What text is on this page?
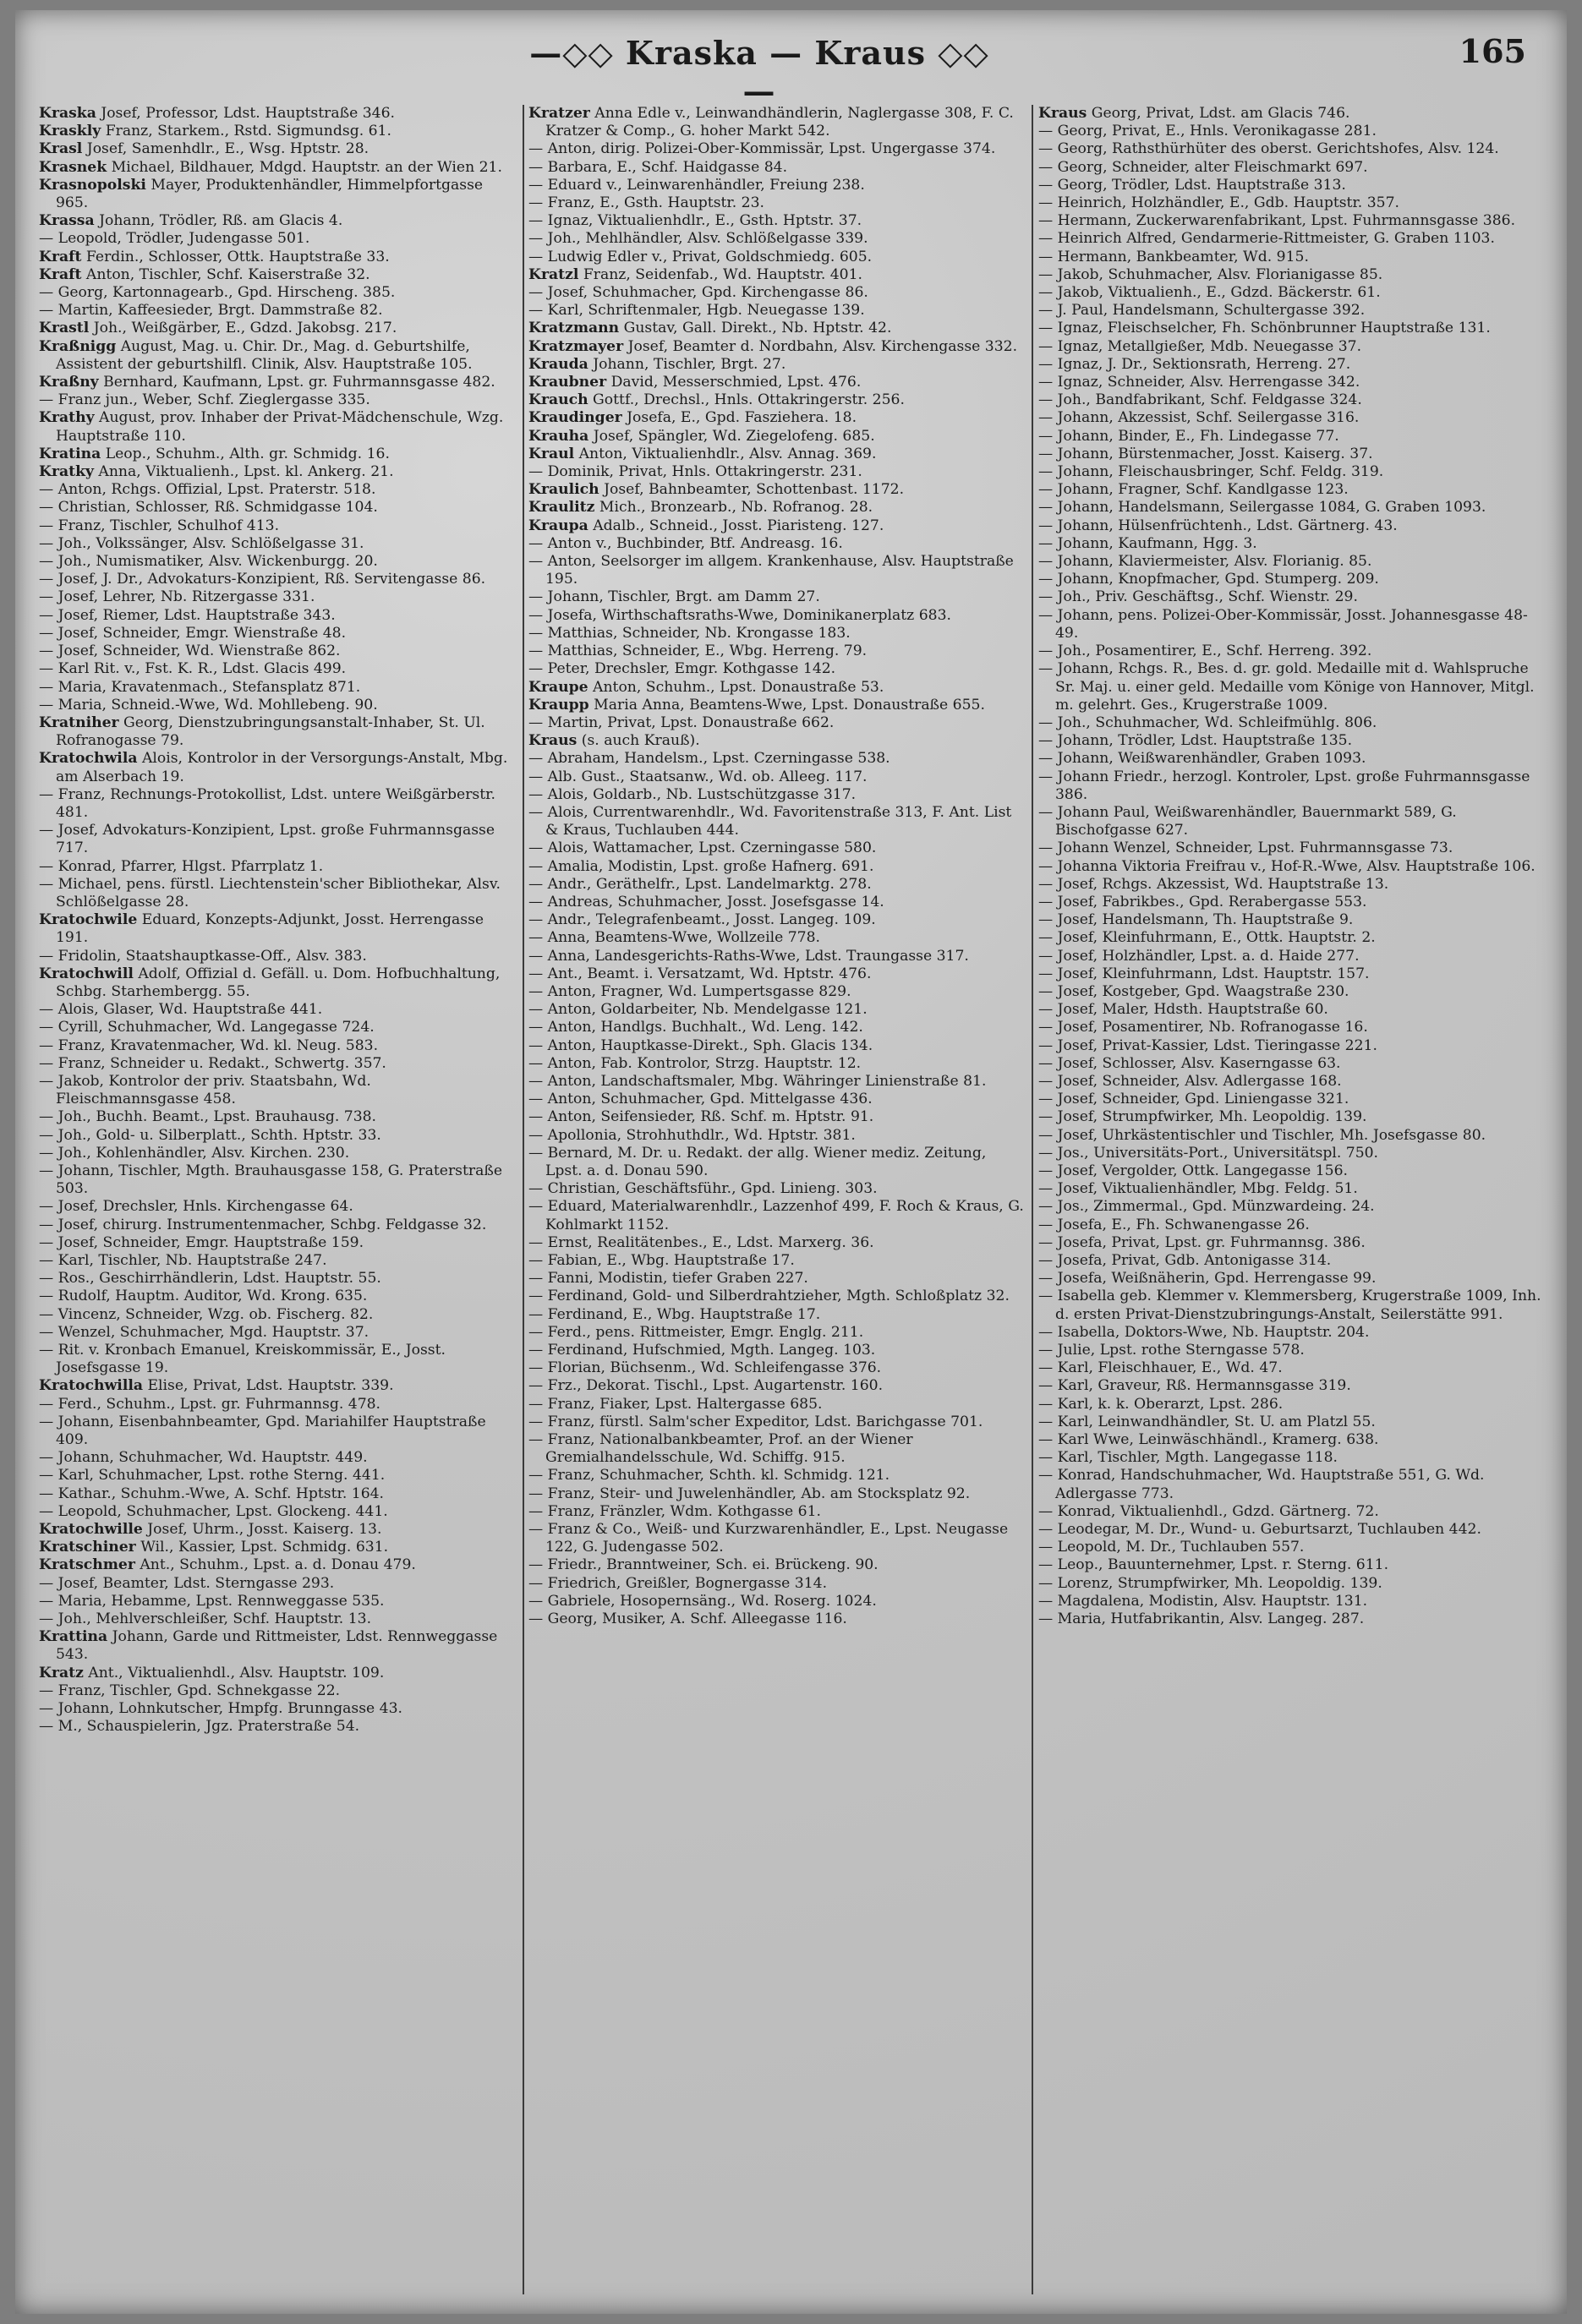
—◇◇ Kraska — Kraus ◇◇—
165
Kraska Josef, Professor, Ldst. Hauptstraße 346.
Kraskly Franz, Starkem., Rstd. Sigmundsg. 61.
Krasl Josef, Samenhdlr., E., Wsg. Hptstr. 28.
Krasnek Michael, Bildhauer, Mdgd. Hauptstr. an der Wien 21.
Krasnopolski Mayer, Produktenhändler, Himmelpfortgasse 965.
Krassa Johann, Trödler, Rß. am Glacis 4.
— Leopold, Trödler, Judengasse 501.
Kraft Ferdin., Schlosser, Ottk. Hauptstraße 33.
Kraft Anton, Tischler, Schf. Kaiserstraße 32.
— Georg, Kartonnagearb., Gpd. Hirscheng. 385.
— Martin, Kaffeesieder, Brgt. Dammstraße 82.
Krastl Joh., Weißgärber, E., Gdzd. Jakobsg. 217.
Kraßnigg August, Mag. u. Chir. Dr., Mag. d. Geburtshilfe, Assistent der geburtshilfl. Clinik, Alsv. Hauptstraße 105.
Kraßny Bernhard, Kaufmann, Lpst. gr. Fuhrmannsgasse 482.
— Franz jun., Weber, Schf. Zieglergasse 335.
Krathy August, prov. Inhaber der Privat-Mädchenschule, Wzg. Hauptstraße 110.
Kratina Leop., Schuhm., Alth. gr. Schmidg. 16.
Kratky Anna, Viktualienh., Lpst. kl. Ankerg. 21.
— Anton, Rchgs. Offizial, Lpst. Praterstr. 518.
— Christian, Schlosser, Rß. Schmidgasse 104.
— Franz, Tischler, Schulhof 413.
— Joh., Volkssänger, Alsv. Schlößelgasse 31.
— Joh., Numismatiker, Alsv. Wickenburgg. 20.
— Josef, J. Dr., Advokaturs-Konzipient, Rß. Servitengasse 86.
— Josef, Lehrer, Nb. Ritzergasse 331.
— Josef, Riemer, Ldst. Hauptstraße 343.
— Josef, Schneider, Emgr. Wienstraße 48.
— Josef, Schneider, Wd. Wienstraße 862.
— Karl Rit. v., Fst. K. R., Ldst. Glacis 499.
— Maria, Kravatenmach., Stefansplatz 871.
— Maria, Schneid.-Wwe, Wd. Mohllebeng. 90.
Kratniher Georg, Dienstzubringungsanstalt-Inhaber, St. Ul. Rofranogasse 79.
Kratochwila Alois, Kontrolor in der Versorgungs-Anstalt, Mbg. am Alserbach 19.
— Franz, Rechnungs-Protokollist, Ldst. untere Weißgärberstr. 481.
— Josef, Advokaturs-Konzipient, Lpst. große Fuhrmannsgasse 717.
— Konrad, Pfarrer, Hlgst. Pfarrplatz 1.
— Michael, pens. fürstl. Liechtenstein'scher Bibliothekar, Alsv. Schlößelgasse 28.
Kratochwile Eduard, Konzepts-Adjunkt, Josst. Herrengasse 191.
— Fridolin, Staatshauptkasse-Off., Alsv. 383.
Kratochwill Adolf, Offizial d. Gefäll. u. Dom. Hofbuchhaltung, Schbg. Starhembergg. 55.
— Alois, Glaser, Wd. Hauptstraße 441.
— Cyrill, Schuhmacher, Wd. Langegasse 724.
— Franz, Kravatenmacher, Wd. kl. Neug. 583.
— Franz, Schneider u. Redakt., Schwertg. 357.
— Jakob, Kontrolor der priv. Staatsbahn, Wd. Fleischmannsgasse 458.
— Joh., Buchh. Beamt., Lpst. Brauhausg. 738.
— Joh., Gold- u. Silberplatt., Schth. Hptstr. 33.
— Joh., Kohlenhändler, Alsv. Kirchen. 230.
— Johann, Tischler, Mgth. Brauhausgasse 158, G. Praterstraße 503.
— Josef, Drechsler, Hnls. Kirchengasse 64.
— Josef, chirurg. Instrumentenmacher, Schbg. Feldgasse 32.
— Josef, Schneider, Emgr. Hauptstraße 159.
— Karl, Tischler, Nb. Hauptstraße 247.
— Ros., Geschirrhändlerin, Ldst. Hauptstr. 55.
— Rudolf, Hauptm. Auditor, Wd. Krong. 635.
— Vincenz, Schneider, Wzg. ob. Fischerg. 82.
— Wenzel, Schuhmacher, Mgd. Hauptstr. 37.
— Rit. v. Kronbach Emanuel, Kreiskommissär, E., Josst. Josefsgasse 19.
Kratochwilla Elise, Privat, Ldst. Hauptstr. 339.
— Ferd., Schuhm., Lpst. gr. Fuhrmannsg. 478.
— Johann, Eisenbahnbeamter, Gpd. Mariahilfer Hauptstraße 409.
— Johann, Schuhmacher, Wd. Hauptstr. 449.
— Karl, Schuhmacher, Lpst. rothe Sterng. 441.
— Kathar., Schuhm.-Wwe, A. Schf. Hptstr. 164.
— Leopold, Schuhmacher, Lpst. Glockeng. 441.
Kratochwille Josef, Uhrm., Josst. Kaiserg. 13.
Kratschiner Wil., Kassier, Lpst. Schmidg. 631.
Kratschmer Ant., Schuhm., Lpst. a. d. Donau 479.
— Josef, Beamter, Ldst. Sterngasse 293.
— Maria, Hebamme, Lpst. Rennweggasse 535.
— Joh., Mehlverschleißer, Schf. Hauptstr. 13.
Krattina Johann, Garde und Rittmeister, Ldst. Rennweggasse 543.
Kratz Ant., Viktualienhdl., Alsv. Hauptstr. 109.
— Franz, Tischler, Gpd. Schnekgasse 22.
— Johann, Lohnkutscher, Hmpfg. Brunngasse 43.
— M., Schauspielerin, Jgz. Praterstraße 54.
Kratzer Anna Edle v., Leinwandhändlerin, Naglergasse 308, F. C. Kratzer & Comp., G. hoher Markt 542.
— Anton, dirig. Polizei-Ober-Kommissär, Lpst. Ungergasse 374.
— Barbara, E., Schf. Haidgasse 84.
— Eduard v., Leinwarenhändler, Freiung 238.
— Franz, E., Gsth. Hauptstr. 23.
— Ignaz, Viktualienhdlr., E., Gsth. Hptstr. 37.
— Joh., Mehlhändler, Alsv. Schlößelgasse 339.
— Ludwig Edler v., Privat, Goldschmiedg. 605.
Kratzl Franz, Seidenfab., Wd. Hauptstr. 401.
— Josef, Schuhmacher, Gpd. Kirchengasse 86.
— Karl, Schriftenmaler, Hgb. Neuegasse 139.
Kratzmann Gustav, Gall. Direkt., Nb. Hptstr. 42.
Kratzmayer Josef, Beamter d. Nordbahn, Alsv. Kirchengasse 332.
Krauda Johann, Tischler, Brgt. 27.
Kraubner David, Messerschmied, Lpst. 476.
Krauch Gottf., Drechsl., Hnls. Ottakringerstr. 256.
Kraudinger Josefa, E., Gpd. Fasziehera. 18.
Krauha Josef, Spängler, Wd. Ziegelofeng. 685.
Kraul Anton, Viktualienhdlr., Alsv. Annag. 369.
— Dominik, Privat, Hnls. Ottakringerstr. 231.
Kraulich Josef, Bahnbeamter, Schottenbast. 1172.
Kraulitz Mich., Bronzearb., Nb. Rofranog. 28.
Kraupa Adalb., Schneid., Josst. Piaristeng. 127.
— Anton v., Buchbinder, Btf. Andreasg. 16.
— Anton, Seelsorger im allgem. Krankenhause, Alsv. Hauptstraße 195.
— Johann, Tischler, Brgt. am Damm 27.
— Josefa, Wirthschaftsraths-Wwe, Dominikanerplatz 683.
— Matthias, Schneider, Nb. Krongasse 183.
— Matthias, Schneider, E., Wbg. Herreng. 79.
— Peter, Drechsler, Emgr. Kothgasse 142.
Kraupe Anton, Schuhm., Lpst. Donaustraße 53.
Kraupp Maria Anna, Beamtens-Wwe, Lpst. Donaustraße 655.
— Martin, Privat, Lpst. Donaustraße 662.
Kraus (s. auch Krauß).
— Abraham, Handelsm., Lpst. Czerningasse 538.
— Alb. Gust., Staatsanw., Wd. ob. Alleeg. 117.
— Alois, Goldarb., Nb. Lustschützgasse 317.
— Alois, Currentwarenhdlr., Wd. Favoritenstraße 313, F. Ant. List & Kraus, Tuchlauben 444.
— Alois, Wattamacher, Lpst. Czerningasse 580.
— Amalia, Modistin, Lpst. große Hafnerg. 691.
— Andr., Geräthelfr., Lpst. Landelmarktg. 278.
— Andreas, Schuhmacher, Josst. Josefsgasse 14.
— Andr., Telegrafenbeamt., Josst. Langeg. 109.
— Anna, Beamtens-Wwe, Wollzeile 778.
— Anna, Landesgerichts-Raths-Wwe, Ldst. Traungasse 317.
— Ant., Beamt. i. Versatzamt, Wd. Hptstr. 476.
— Anton, Fragner, Wd. Lumpertsgasse 829.
— Anton, Goldarbeiter, Nb. Mendelgasse 121.
— Anton, Handlgs. Buchhalt., Wd. Leng. 142.
— Anton, Hauptkasse-Direkt., Sph. Glacis 134.
— Anton, Fab. Kontrolor, Strzg. Hauptstr. 12.
— Anton, Landschaftsmaler, Mbg. Währinger Linienstraße 81.
— Anton, Schuhmacher, Gpd. Mittelgasse 436.
— Anton, Seifensieder, Rß. Schf. m. Hptstr. 91.
— Apollonia, Strohhuthdlr., Wd. Hptstr. 381.
— Bernard, M. Dr. u. Redakt. der allg. Wiener mediz. Zeitung, Lpst. a. d. Donau 590.
— Christian, Geschäftsführ., Gpd. Linieng. 303.
— Eduard, Materialwarenhdlr., Lazzenhof 499, F. Roch & Kraus, G. Kohlmarkt 1152.
— Ernst, Realitätenbes., E., Ldst. Marxerg. 36.
— Fabian, E., Wbg. Hauptstraße 17.
— Fanni, Modistin, tiefer Graben 227.
— Ferdinand, Gold- und Silberdrahtzieher, Mgth. Schloßplatz 32.
— Ferdinand, E., Wbg. Hauptstraße 17.
— Ferd., pens. Rittmeister, Emgr. Englg. 211.
— Ferdinand, Hufschmied, Mgth. Langeg. 103.
— Florian, Büchsenm., Wd. Schleifengasse 376.
— Frz., Dekorat. Tischl., Lpst. Augartenstr. 160.
— Franz, Fiaker, Lpst. Haltergasse 685.
— Franz, fürstl. Salm'scher Expeditor, Ldst. Barichgasse 701.
— Franz, Nationalbankbeamter, Prof. an der Wiener Gremialhandelsschule, Wd. Schiffg. 915.
— Franz, Schuhmacher, Schth. kl. Schmidg. 121.
— Franz, Steir- und Juwelenhändler, Ab. am Stocksplatz 92.
— Franz, Fränzler, Wdm. Kothgasse 61.
— Franz & Co., Weiß- und Kurzwarenhändler, E., Lpst. Neugasse 122, G. Judengasse 502.
— Friedr., Branntweiner, Sch. ei. Brückeng. 90.
— Friedrich, Greißler, Bognergasse 314.
— Gabriele, Hosopernsäng., Wd. Roserg. 1024.
— Georg, Musiker, A. Schf. Alleegasse 116.
Kraus Georg, Privat, Ldst. am Glacis 746.
— Georg, Privat, E., Hnls. Veronikagasse 281.
— Georg, Rathsthürhüter des oberst. Gerichtshofes, Alsv. 124.
— Georg, Schneider, alter Fleischmarkt 697.
— Georg, Trödler, Ldst. Hauptstraße 313.
— Heinrich, Holzhändler, E., Gdb. Hauptstr. 357.
— Hermann, Zuckerwarenfabrikant, Lpst. Fuhrmannsgasse 386.
— Heinrich Alfred, Gendarmerie-Rittmeister, G. Graben 1103.
— Hermann, Bankbeamter, Wd. 915.
— Jakob, Schuhmacher, Alsv. Florianigasse 85.
— Jakob, Viktualienh., E., Gdzd. Bäckerstr. 61.
— J. Paul, Handelsmann, Schultergasse 392.
— Ignaz, Fleischselcher, Fh. Schönbrunner Hauptstraße 131.
— Ignaz, Metallgießer, Mdb. Neuegasse 37.
— Ignaz, J. Dr., Sektionsrath, Herreng. 27.
— Ignaz, Schneider, Alsv. Herrengasse 342.
— Joh., Bandfabrikant, Schf. Feldgasse 324.
— Johann, Akzessist, Schf. Seilergasse 316.
— Johann, Binder, E., Fh. Lindegasse 77.
— Johann, Bürstenmacher, Josst. Kaiserg. 37.
— Johann, Fleischausbringer, Schf. Feldg. 319.
— Johann, Fragner, Schf. Kandlgasse 123.
— Johann, Handelsmann, Seilergasse 1084, G. Graben 1093.
— Johann, Hülsenfrüchtenh., Ldst. Gärtnerg. 43.
— Johann, Kaufmann, Hgg. 3.
— Johann, Klaviermeister, Alsv. Florianig. 85.
— Johann, Knopfmacher, Gpd. Stumperg. 209.
— Joh., Priv. Geschäftsg., Schf. Wienstr. 29.
— Johann, pens. Polizei-Ober-Kommissär, Josst. Johannesgasse 48-49.
— Joh., Posamentirer, E., Schf. Herreng. 392.
— Johann, Rchgs. R., Bes. d. gr. gold. Medaille mit d. Wahlspruche Sr. Maj. u. einer geld. Medaille vom Könige von Hannover, Mitgl. m. gelehrt. Ges., Krugerstraße 1009.
— Joh., Schuhmacher, Wd. Schleifmühlg. 806.
— Johann, Trödler, Ldst. Hauptstraße 135.
— Johann, Weißwarenhändler, Graben 1093.
— Johann Friedr., herzogl. Kontroler, Lpst. große Fuhrmannsgasse 386.
— Johann Paul, Weißwarenhändler, Bauernmarkt 589, G. Bischofgasse 627.
— Johann Wenzel, Schneider, Lpst. Fuhrmannsgasse 73.
— Johanna Viktoria Freifrau v., Hof-R.-Wwe, Alsv. Hauptstraße 106.
— Josef, Rchgs. Akzessist, Wd. Hauptstraße 13.
— Josef, Fabrikbes., Gpd. Rerabergasse 553.
— Josef, Handelsmann, Th. Hauptstraße 9.
— Josef, Kleinfuhrmann, E., Ottk. Hauptstr. 2.
— Josef, Holzhändler, Lpst. a. d. Haide 277.
— Josef, Kleinfuhrmann, Ldst. Hauptstr. 157.
— Josef, Kostgeber, Gpd. Waagstraße 230.
— Josef, Maler, Hdsth. Hauptstraße 60.
— Josef, Posamentirer, Nb. Rofranogasse 16.
— Josef, Privat-Kassier, Ldst. Tieringasse 221.
— Josef, Schlosser, Alsv. Kaserngasse 63.
— Josef, Schneider, Alsv. Adlergasse 168.
— Josef, Schneider, Gpd. Liniengasse 321.
— Josef, Strumpfwirker, Mh. Leopoldig. 139.
— Josef, Uhrkästentischler und Tischler, Mh. Josefsgasse 80.
— Jos., Universitäts-Port., Universitätspl. 750.
— Josef, Vergolder, Ottk. Langegasse 156.
— Josef, Viktualienhändler, Mbg. Feldg. 51.
— Jos., Zimmermal., Gpd. Münzwardeing. 24.
— Josefa, E., Fh. Schwanengasse 26.
— Josefa, Privat, Lpst. gr. Fuhrmannsg. 386.
— Josefa, Privat, Gdb. Antonigasse 314.
— Josefa, Weißnäherin, Gpd. Herrengasse 99.
— Isabella geb. Klemmer v. Klemmersberg, Krugerstraße 1009, Inh. d. ersten Privat-Dienstzubringungs-Anstalt, Seilerstätte 991.
— Isabella, Doktors-Wwe, Nb. Hauptstr. 204.
— Julie, Lpst. rothe Sterngasse 578.
— Karl, Fleischhauer, E., Wd. 47.
— Karl, Graveur, Rß. Hermannsgasse 319.
— Karl, k. k. Oberarzt, Lpst. 286.
— Karl, Leinwandhändler, St. U. am Platzl 55.
— Karl Wwe, Leinwäschhändl., Kramerg. 638.
— Karl, Tischler, Mgth. Langegasse 118.
— Konrad, Handschuhmacher, Wd. Hauptstraße 551, G. Wd. Adlergasse 773.
— Konrad, Viktualienhdl., Gdzd. Gärtnerg. 72.
— Leodegar, M. Dr., Wund- u. Geburtsarzt, Tuchlauben 442.
— Leopold, M. Dr., Tuchlauben 557.
— Leop., Bauunternehmer, Lpst. r. Sterng. 611.
— Lorenz, Strumpfwirker, Mh. Leopoldig. 139.
— Magdalena, Modistin, Alsv. Hauptstr. 131.
— Maria, Hutfabrikantin, Alsv. Langeg. 287.
